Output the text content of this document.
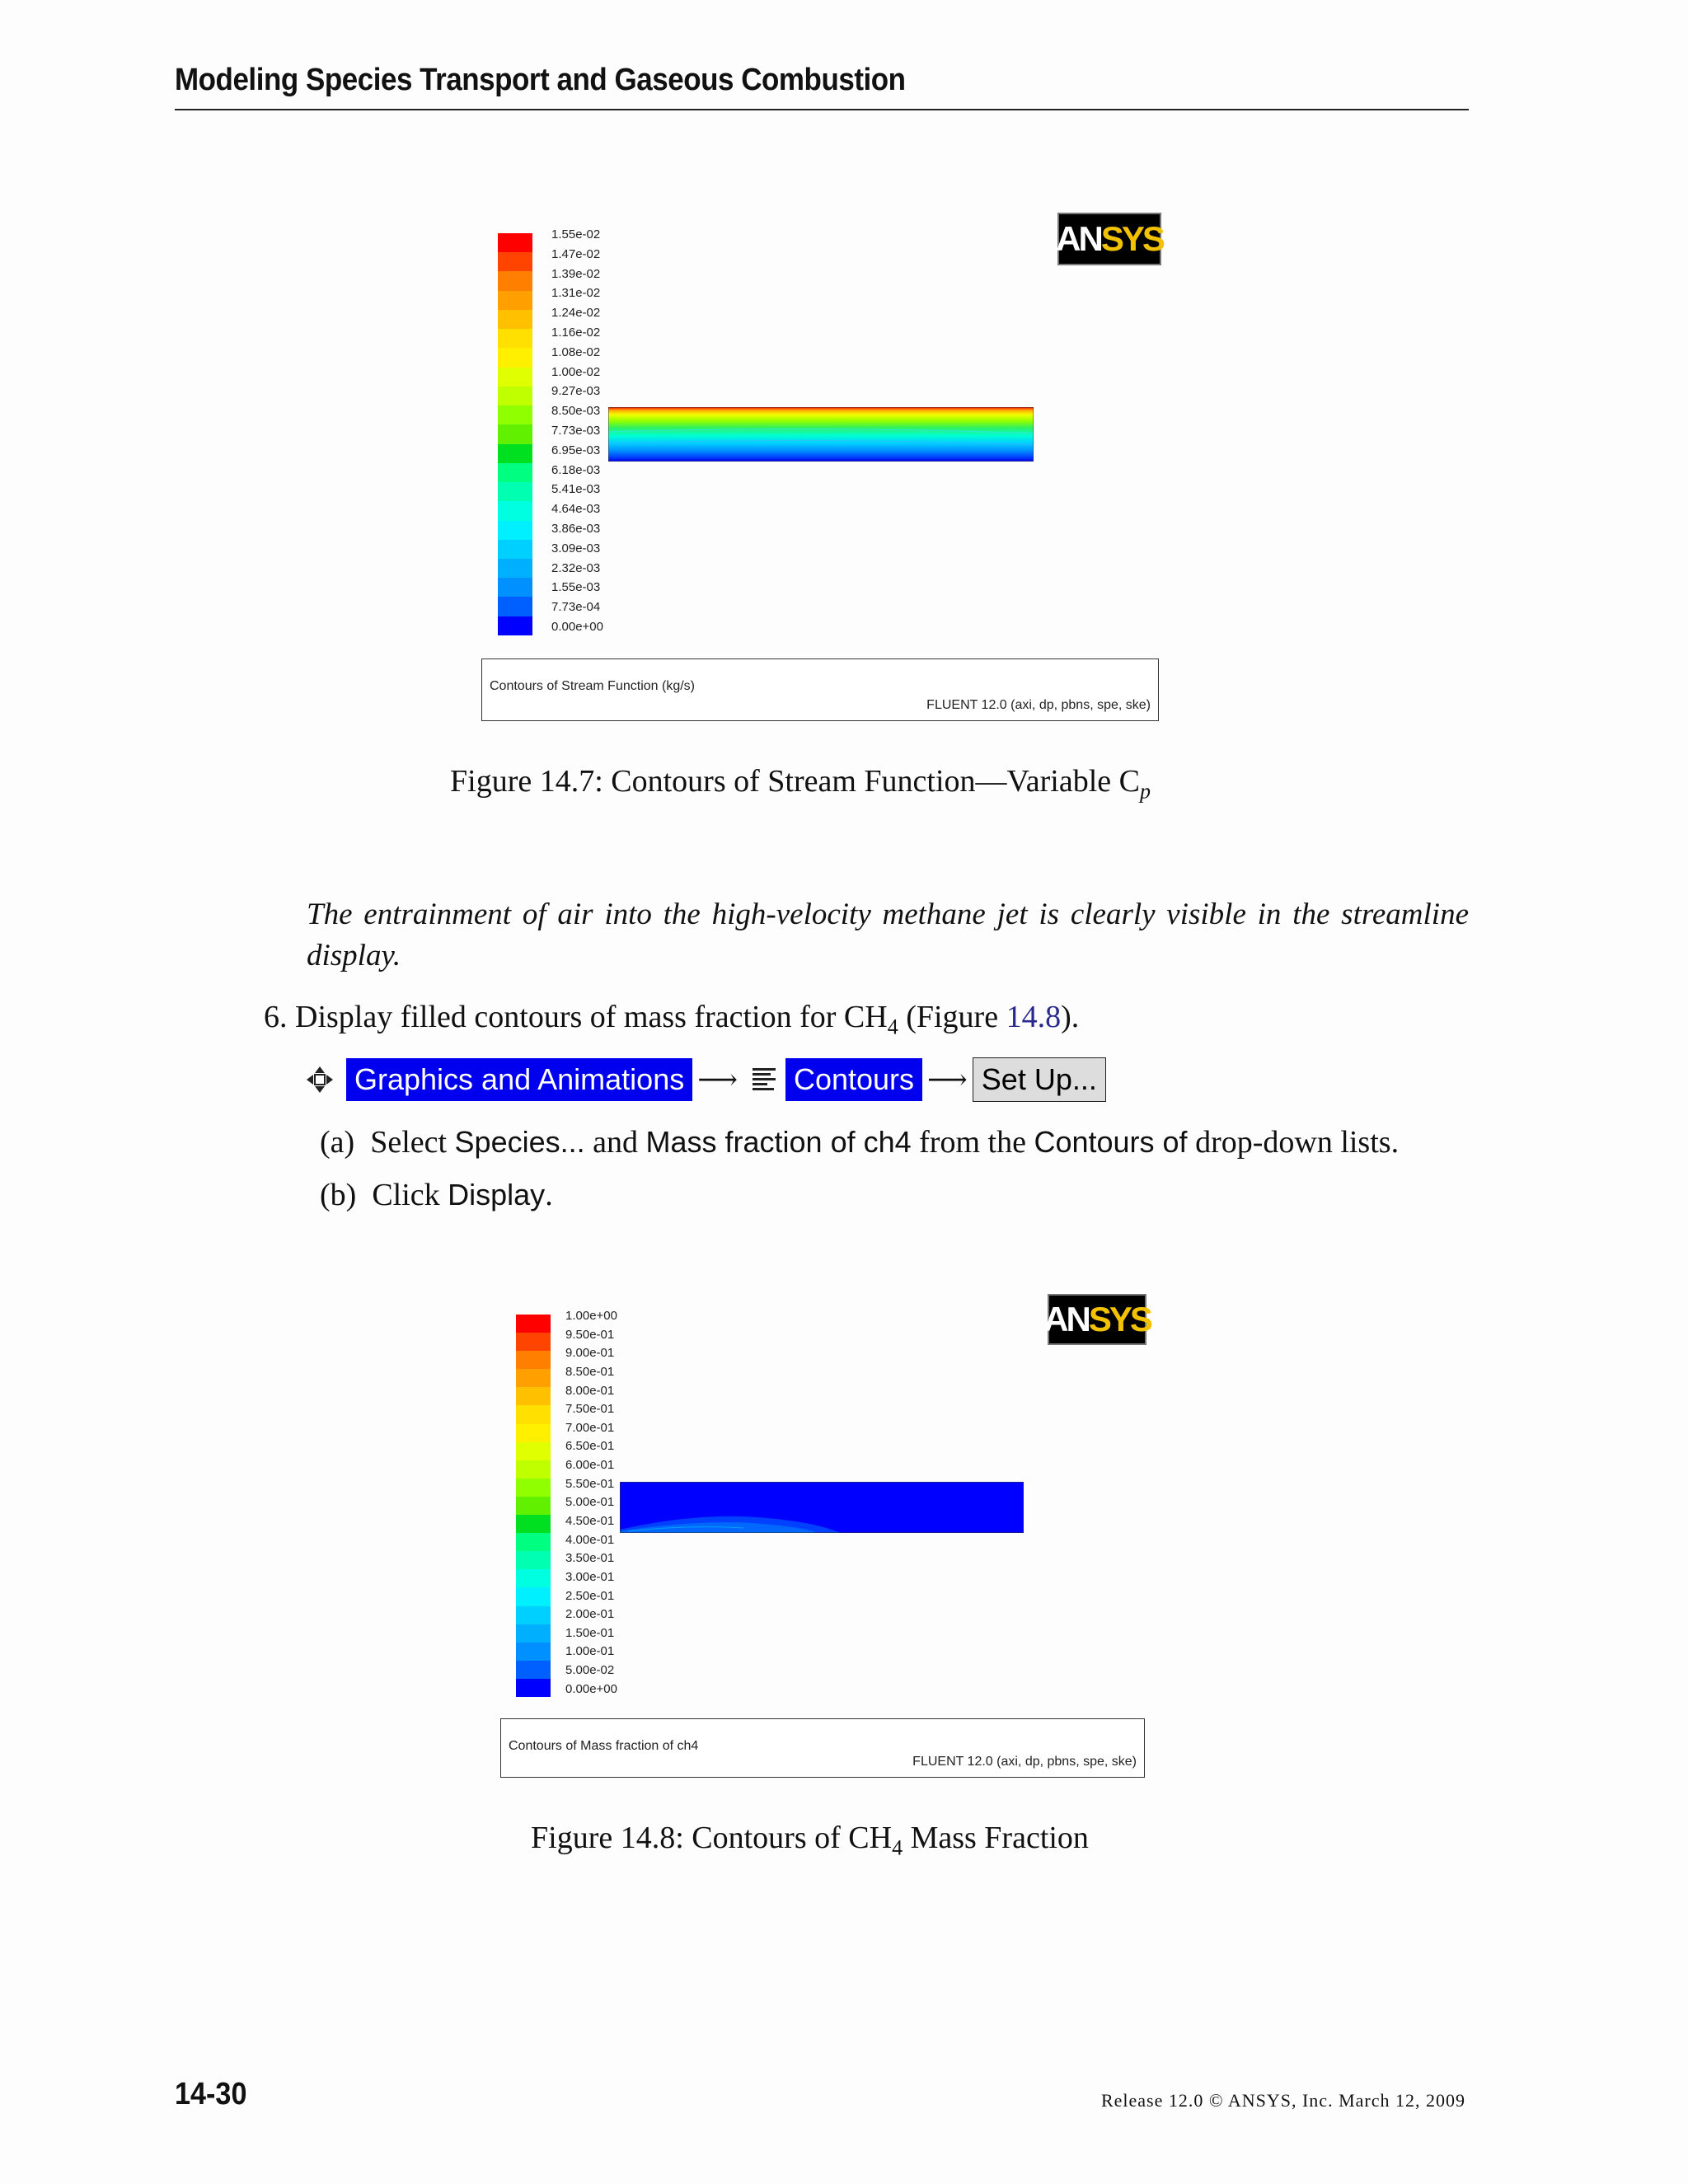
Modeling Species Transport and Gaseous Combustion
1.55e-02
1.47e-02
1.39e-02
1.31e-02
1.24e-02
1.16e-02
1.08e-02
1.00e-02
9.27e-03
8.50e-03
7.73e-03
6.95e-03
6.18e-03
5.41e-03
4.64e-03
3.86e-03
3.09e-03
2.32e-03
1.55e-03
7.73e-04
0.00e+00
ANSYS
Contours of Stream Function (kg/s)
FLUENT 12.0 (axi, dp, pbns, spe, ske)
Figure 14.7: Contours of Stream Function—Variable $C_p$
The entrainment of air into the high-velocity methane jet is clearly visible in the streamline display.
6. Display filled contours of mass fraction for $CH_4$ (Figure 14.8).
Graphics and Animations ⟶ Contours ⟶ Set Up...
(a) Select Species... and Mass fraction of ch4 from the Contours of drop-down lists.
(b) Click Display.
1.00e+00
9.50e-01
9.00e-01
8.50e-01
8.00e-01
7.50e-01
7.00e-01
6.50e-01
6.00e-01
5.50e-01
5.00e-01
4.50e-01
4.00e-01
3.50e-01
3.00e-01
2.50e-01
2.00e-01
1.50e-01
1.00e-01
5.00e-02
0.00e+00
ANSYS
Contours of Mass fraction of ch4
FLUENT 12.0 (axi, dp, pbns, spe, ske)
Figure 14.8: Contours of $CH_4$ Mass Fraction
14-30	Release 12.0 © ANSYS, Inc. March 12, 2009
